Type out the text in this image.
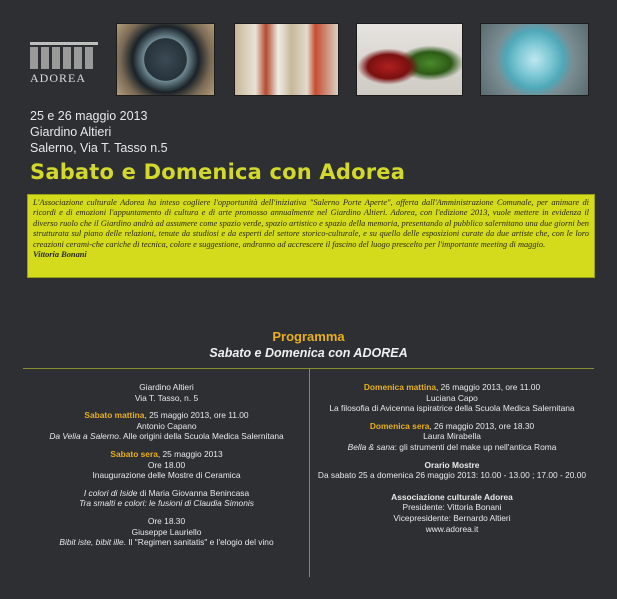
ADOREA
25 e 26 maggio 2013
Giardino Altieri
Salerno, Via T. Tasso n.5
Sabato e Domenica con Adorea
L'Associazione culturale Adorea ha inteso cogliere l'opportunità dell'iniziativa "Salerno Porte Aperte", offerta dall'Amministrazione Comunale, per animare di ricordi e di emozioni l'appuntamento di cultura e di arte promosso annualmente nel Giardino Altieri. Adorea, con l'edizione 2013, vuole mettere in evidenza il diverso ruolo che il Giardino andrà ad assumere come spazio verde, spazio artistico e spazio della memoria, presentando al pubblico salernitano una due giorni ben strutturata sul piano delle relazioni, tenute da studiosi e da esperti del settore storico-culturale, e su quello delle esposizioni curate da due artiste che, con le loro creazioni cerami-che cariche di tecnica, colore e suggestione, andranno ad accrescere il fascino del luogo prescelto per l'importante meeting di maggio.
Vittoria Bonani
Programma
Sabato e Domenica con ADOREA

Giardino Altieri

Via T. Tasso, n. 5

Sabato mattina, 25 maggio 2013, ore 11.00

Antonio Capano

Da Velia a Salerno. Alle origini della Scuola Medica Salernitana

Sabato sera, 25 maggio 2013

Ore 18.00

Inaugurazione delle Mostre di Ceramica

I colori di Iside di Maria Giovanna Benincasa

Tra smalti e colori: le fusioni di Claudia Simonis

Ore 18.30

Giuseppe Lauriello

Bibit iste, bibit ille. Il "Regimen sanitatis" e l'elogio del vino

Domenica mattina, 26 maggio 2013, ore 11.00

Luciana Capo

La filosofia di Avicenna ispiratrice della Scuola Medica Salernitana

Domenica sera, 26 maggio 2013, ore 18.30

Laura Mirabella

Bella & sana: gli strumenti del make up nell'antica Roma

Orario Mostre

Da sabato 25 a domenica 26 maggio 2013: 10.00 - 13.00 ; 17.00 - 20.00

Associazione culturale Adorea

Presidente: Vittoria Bonani

Vicepresidente: Bernardo Altieri

www.adorea.it
